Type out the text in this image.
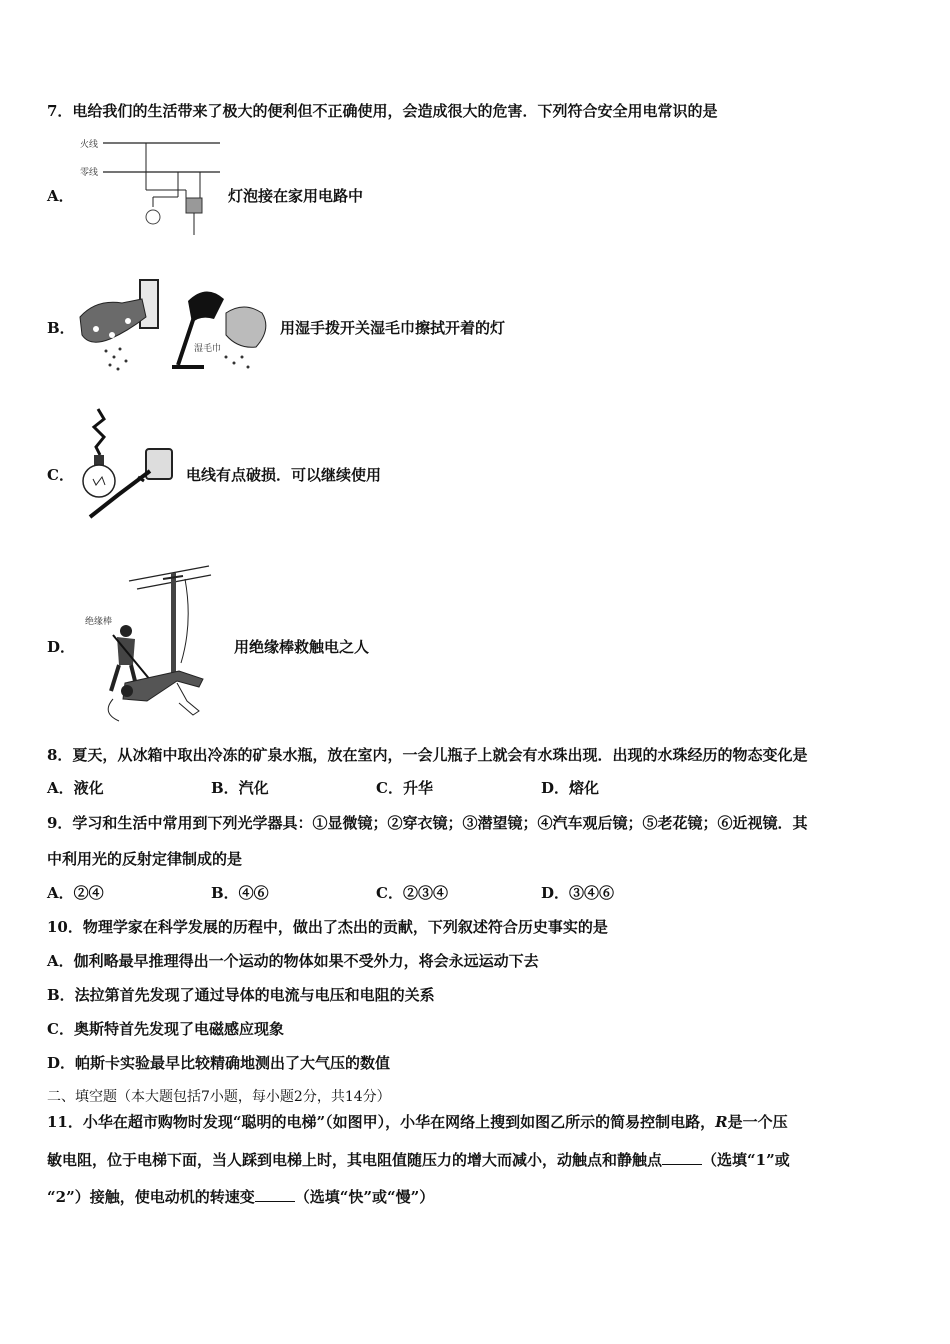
7．电给我们的生活带来了极大的便利但不正确使用，会造成很大的危害．下列符合安全用电常识的是
A．
火线
零线
灯泡接在家用电路中
B．
湿毛巾
用湿手拨开关湿毛巾擦拭开着的灯
C．	电线有点破损．可以继续使用
D．
绝缘棒
用绝缘棒救触电之人
8．夏天，从冰箱中取出冷冻的矿泉水瓶，放在室内，一会儿瓶子上就会有水珠出现．出现的水珠经历的物态变化是
A．液化	B．汽化	C．升华	D．熔化
9．学习和生活中常用到下列光学器具：①显微镜；②穿衣镜；③潜望镜；④汽车观后镜；⑤老花镜；⑥近视镜．其
中利用光的反射定律制成的是
A．②④	B．④⑥	C．②③④	D．③④⑥
10．物理学家在科学发展的历程中，做出了杰出的贡献，下列叙述符合历史事实的是
A．伽利略最早推理得出一个运动的物体如果不受外力，将会永远运动下去
B．法拉第首先发现了通过导体的电流与电压和电阻的关系
C．奥斯特首先发现了电磁感应现象
D．帕斯卡实验最早比较精确地测出了大气压的数值
二、填空题（本大题包括7小题，每小题2分，共14分）
11．小华在超市购物时发现“聪明的电梯”（如图甲），小华在网络上搜到如图乙所示的简易控制电路，R是一个压
敏电阻，位于电梯下面，当人踩到电梯上时，其电阻值随压力的增大而减小，动触点和静触点	（选填“1”或
“2”）接触，使电动机的转速变	（选填“快”或“慢”）
